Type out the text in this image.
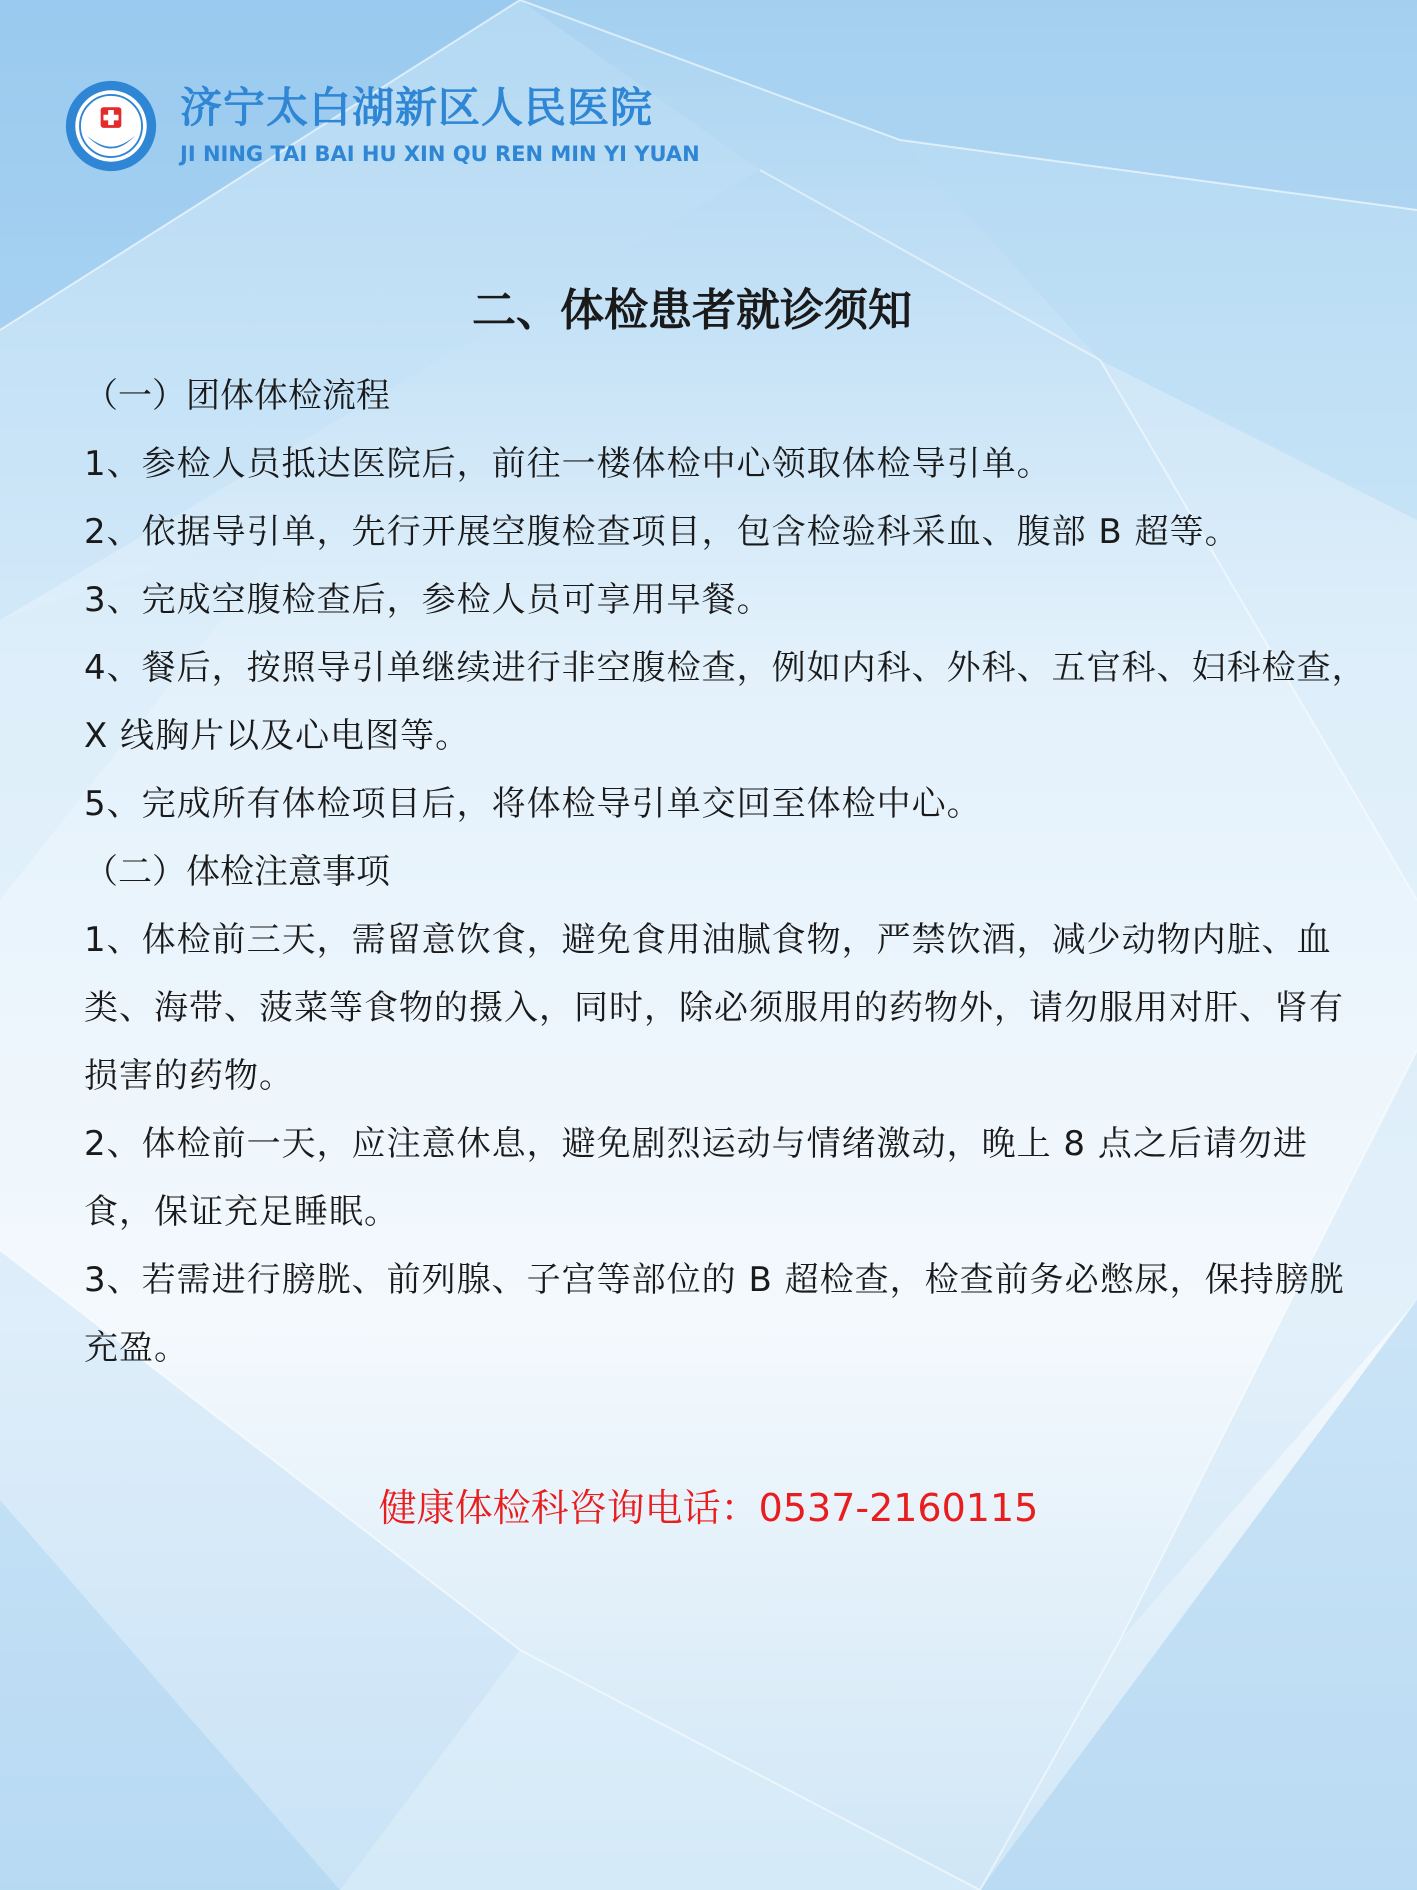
济宁太白湖新区人民医院
JI NING TAI BAI HU XIN QU REN MIN YI YUAN
二、体检患者就诊须知

（一）团体体检流程

1、参检人员抵达医院后，前往一楼体检中心领取体检导引单。

2、依据导引单，先行开展空腹检查项目，包含检验科采血、腹部 B 超等。

3、完成空腹检查后，参检人员可享用早餐。

4、餐后，按照导引单继续进行非空腹检查，例如内科、外科、五官科、妇科检查，X 线胸片以及心电图等。

5、完成所有体检项目后，将体检导引单交回至体检中心。

（二）体检注意事项

1、体检前三天，需留意饮食，避免食用油腻食物，严禁饮酒，减少动物内脏、血类、海带、菠菜等食物的摄入，同时，除必须服用的药物外，请勿服用对肝、肾有损害的药物。

2、体检前一天，应注意休息，避免剧烈运动与情绪激动，晚上 8 点之后请勿进食，保证充足睡眠。

3、若需进行膀胱、前列腺、子宫等部位的 B 超检查，检查前务必憋尿，保持膀胱充盈。

健康体检科咨询电话：0537-2160115
